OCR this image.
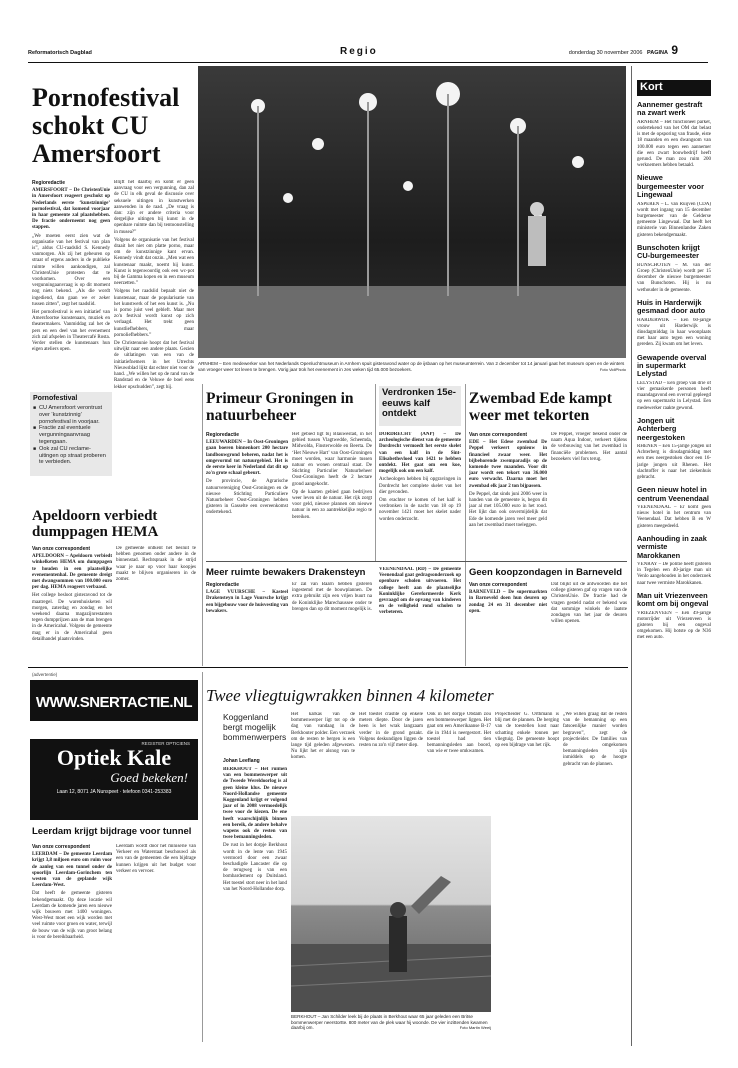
Reformatorisch Dagblad	Regio	donderdag 30 november 2006 PAGINA 9
Pornofestival schokt CU Amersfoort
Regioredactie

AMERSFOORT – De ChristenUnie in Amersfoort reageert geschokt op Nederlands eerste ‘kunstzinnige’ pornofestival, dat komend voorjaar in haar gemeente zal plaatshebben. De fractie onderneemt nog geen stappen.

„We moeten eerst zien wat de organisatie van het festival van plan is”, aldus CU-raadslid S. Kennedy vanmorgen. Als zij het gebeuren op straat of ergens anders in de publieke ruimte willen aankondigen, zal ChristenUnie protesten dat te voorkomen. Over een vergunningaanvraag is op dit moment nog niets bekend. „Als die wordt ingediend, dan gaan we er zeker tussen zitten”, zegt het raadslid.

Het pornofestival is een initiatief van Amersfoortse kunstenaars, muziek en theatermakers. Vanmiddag zal het de pers en een deel van het evenement zich zal afspelen in Theatercafé Rosta. Verder stellen de kunstenaars hun eigen ateliers open.

Blijft het daarbij en komt er geen aanvraag voor een vergunning, dan zal de CU in elk geval de discussie over seksuele uitingen in kunstwerken aanwenden in de raad. „De vraag is dan: zijn er andere criteria voor dergelijke uitingen bij kunst in de openbare ruimte dan bij tentoonstelling in musea?”

Volgens de organisatie van het festival draait het niet om platte porno, maar om de kunstzinnige kant ervan. Kennedy vindt dat onzin. „Men wat een kunstenaar maakt, noemt hij kunst. Kunst is tegenwoordig ook een wc-pot bij de Gamma kopen en in een museum neerzetten.”

Volgens het raadslid bepaalt niet de kunstenaar, maar de popularisatie van het kunstwerk of het een kunst is. „Nu is porno juist veel gebleft. Maar met zo'n festival wordt kunst op zich verlaagd. Het trekt geen kunstliefhebbers, maar pornoliefhebbers.”

De Christenunie hoopt dat het festival uitwijkt naar een andere plaats. Gezien de uitlatingen van een van de initiatiefnemers in het Utrechts Nieuwsblad lijkt dat echter niet voor de hand. „We willen het op de rand van de Randstad en de Veluwe de boel eens lekker opschudden”, zegt hij.

Pornofestival
■ CU Amersfoort verontrust over ‘kunstzinnig’ pornofestival in voorjaar.
■ Fractie zal eventuele vergunningaanvraag tegengaan.
■ Ook zal CU reclame-uitingen op straat proberen te verbieden.
ARNHEM – Een medewerker van het Nederlands Openluchtmuseum in Arnhem spuit gisteravond water op de ijsbaan op het museumterrein. Van 2 december tot 14 januari gaat het museum open en de winters van vroeger weer tot leven te brengen. Vorig jaar trok het evenement in zes weken tijd 65.000 bezoekers.	Foto VidiPhoto
Apeldoorn verbiedt dumppagen HEMA
Van onze correspondent

APELDOORN – Apeldoorn verbiedt winkelketen HEMA om dumppagen te houden in een plaatselijke evenementenhal. De gemeente dreigt met dwangsommen van 100.000 euro per dag. HEMA reageert verbaasd.

Het college besloot gisteravond tot de maatregel. De warenhuisketen wil morgen, zaterdag en zondag en het weekend daarna magazijnrestanten tegen dumpprijzen aan de man brengen in de Americahal. Volgens de gemeente mag er in de Americahal geen detailhandel plaatsvinden.

De gemeente ontkent het besluit te hebben genomen onder andere in de binnenstad. Rechtspraak in de strijd waar je naar op voor haar koopjes maakt te blijven organiseren in de zomer.

Primeur Groningen in natuurbeheer
Regioredactie

LEEUWARDEN – In Oost-Groningen gaan boeren binnenkort 200 hectare landbouwgrond beheren, nadat het is omgevormd tot natuurgebied. Het is de eerste keer in Nederland dat dit op zo'n grote schaal gebeurt.

De provincie, de Agrarische natuurvereniging Oost-Groningen en de nieuwe Stichting Particuliere Natuurbeheer Oost-Groningen hebben gisteren in Gasselte een overeenkomst ondertekend.

Het gebied ligt bij Blauwestad, in het gebied tussen Vlagtwedde, Scheemda, Midwolda, Finsterwolde en Beerta. De ‘Het Nieuwe Hart’ van Oost-Groningen moet worden, waar harmonie tussen natuur en wonen centraal staat. De Stichting Particulier Natuurbeheer Oost-Groningen heeft de 2 hectare grond aangekocht.

Op de kaarten gebied gaan bedrijven weer leven uit de natuur. Het rijk zorgt voor geld, nieuwe plannen om nieuwe natuur in een zo aantrekkelijke regio te bereiken.

Verdronken 15e-eeuws kalf ontdekt

DORDRECHT (ANP) – De archeologische dienst van de gemeente Dordrecht vermoedt het eerste skelet van een kalf in de Sint-Elisabethsvloed van 1421 te hebben ontdekt. Het gaat om een koe, mogelijk ook om een kalf.

Archeologen hebben bij opgravingen in Dordrecht het complete skelet van het dier gevonden.

Om erachter te komen of het kalf is verdronken in de nacht van 18 op 19 november 1421 moet het skelet nader worden onderzocht.

Zwembad Ede kampt weer met tekorten
Van onze correspondent

EDE – Het Edese zwembad De Peppel verkeert opnieuw in financieel zwaar weer. Het bijbehorende zwemparadijs op de komende twee maanden. Voor dit jaar wordt een tekort van 36.000 euro verwacht. Daarna moet het zwembad elk jaar 2 ton bijpassen.

De Peppel, dat sinds juni 2006 weer in handen van de gemeente is, begon dit jaar al met 105.000 euro in het rood. Het lijkt dan ook onvermijdelijk dat Ede de komende jaren veel meer geld aan het zwembad moet toeleggen.

De Peppel, vroeger bekend onder de naam Aqua Indoor, verkeert tijdens de verbouwing van het zwembad in financiële problemen. Het aantal bezoekers viel fors terug.

Meer ruimte bewakers Drakensteyn
Regioredactie

LAGE VUURSCHE – Kasteel Drakensteyn in Lage Vuursche krijgt een bijgebouw voor de huisvesting van bewakers.

Er zal van Baarn hebben gisteren ingestemd met de bouwplannen. De extra gebruikt zijn een vrijen buurt na de Koninklijke Marechaussee onder te brengen dan op dit moment mogelijk is.

VEENENDAAL (RD) – De gemeente Veenendaal gaat gedragsonderzoek op openbare scholen uitvoeren. Het college heeft aan de plaatselijke Koninklijke Gereformeerde Kerk gevraagd om de opvang van kinderen en de veiligheid rond scholen te verbeteren.

Geen koopzondagen in Barneveld
Van onze correspondent

BARNEVELD – De supermarkten in Barneveld doen hun deuren op zondag 24 en 31 december niet open.

Dat blijkt uit de antwoorden die het college gisteren gaf op vragen van de ChristenUnie. De fractie had de vragen gesteld nadat er bekend was dat sommige winkels de laatste zondagen van het jaar de deuren willen openen.

(advertentie)
WWW.SNERTACTIE.NL
REGISTER OPTICIENS
Optiek Kale
Goed bekeken!
Laan 12, 8071 JA Nunspeet · telefoon 0341-253383
Leerdam krijgt bijdrage voor tunnel
Van onze correspondent

LEERDAM – De gemeente Leerdam krijgt 3,8 miljoen euro om ruim voor de aanleg van een tunnel onder de spoorlijn Leerdam-Gorinchem ten westen van de geplande wijk Leerdam-West.

Dat heeft de gemeente gisteren bekendgemaakt. Op deze locatie wil Leerdam de komende jaren een nieuwe wijk bouwen met 1400 woningen. West-West moet een wijk worden met veel ruimte voor groen en water, terwijl de bouw van de wijk van groot belang is voor de bereikbaarheid.

Leerdam wordt door het miniserie van Verkeer en Waterstaat beschouwd als een van de gemeenten die een bijdrage kunnen krijgen uit het budget voor verkeer en vervoer.

Twee vliegtuigwrakken binnen 4 kilometer
Koggenland bergt mogelijk bommenwerpers
Johan Leeflang

BERKHOUT – Het ruimen van een bommenwerper uit de Tweede Wereldoorlog is al geen kleine klus. De nieuwe Noord-Hollandse gemeente Koggenland krijgt er volgend jaar of in 2008 vermoedelijk twee voor de kiezen. De ene heeft waarschijnlijk binnen een bereik, de andere behalve wapens ook de resten van twee bemanningsleden.

De rust in het dorpje Berkhout wordt in de lente van 1945 verstoord door een zwaar beschadigde Lancaster die op de terugweg is van een bombardement op Duitsland. Het toestel stort neer in het land van het Noord-Hollandse dorp.

Het karkas van de bommenwerper ligt tot op de dag van vandaag in de Berkhouter polder. Een verzoek om de resten te bergen is een lange tijd geleden afgewezen. Nu lijkt het er alsnog van te komen.

Het toestel crashte op enkele meters diepte. Door de jaren heen is het wrak langzaam verder in de grond gezakt. Volgens deskundigen liggen de resten nu zo'n vijf meter diep.

Ook in het dorpje Obdam zou een bommenwerper liggen. Het gaat om een Amerikaanse B-17 die in 1944 is neergestort. Het toestel had tien bemanningsleden aan boord, van wie er twee omkwamen.

Projectleider G. Orthmann is blij met de plannen. De berging van de toestellen kost naar schatting enkele tonnen per vliegtuig. De gemeente hoopt op een bijdrage van het rijk.

„We willen graag dat de resten van de bemanning op een fatsoenlijke manier worden begraven”, zegt de projectleider. De families van de omgekomen bemanningsleden zijn inmiddels op de hoogte gebracht van de plannen.

BERKHOUT – Jan Schilder leek bij de plaats in Berkhout waar 65 jaar geleden een Britse bommenwerper neerstortte. 800 meter van de plek waar hij woonde. De vier inzittenden kwamen daarbij om.	Foto Martin Weeij
Kort
Aannemer gestraft na zwart werk
ARNHEM – Het functioneel parket, ondertekend van het OM dat belast is met de opsporing van fraude, eiste 18 maanden en een dwangsom van 100.000 euro tegen een aannemer die een zwart bouwbedrijf heeft gerund. De man zou ruim 200 werknemers hebben betaald.
Nieuwe burgemeester voor Lingewaal
ASPEREN – L. van Ruijven (CDA) wordt met ingang van 15 december burgemeester van de Gelderse gemeente Lingewaal. Dat heeft het ministerie van Binnenlandse Zaken gisteren bekendgemaakt.
Bunschoten krijgt CU-burgemeester
BUNSCHOTEN – M. van der Groep (ChristenUnie) wordt per 15 december de nieuwe burgemeester van Bunschoten. Hij is nu wethouder in de gemeente.
Huis in Harderwijk gesmaad door auto
HARDERWIJK – Een 60-jarige vrouw uit Harderwijk is dinsdagmiddag in haar woonplaats met haar auto tegen een woning gereden. Zij kwam om het leven.
Gewapende overval in supermarkt Lelystad
LELYSTAD – Een groep van drie of vier gemaskerde personen heeft maandagavond een overval gepleegd op een supermarkt in Lelystad. Een medewerker raakte gewond.
Jongen uit Achterberg neergestoken
RHENEN – Een 15-jarige jongen uit Achterberg is dinsdagmiddag met een mes neergestoken door een 16-jarige jongen uit Rhenen. Het slachtoffer is naar het ziekenhuis gebracht.
Geen nieuw hotel in centrum Veenendaal
VEENENDAAL – Er komt geen nieuw hotel in het centrum van Veenendaal. Dat hebben B en W gisteren meegedeeld.
Aanhouding in zaak vermiste Marokkanen
VENRAY – De politie heeft gisteren in Tegelen een 40-jarige man uit Venlo aangehouden in het onderzoek naar twee vermiste Marokkanen.
Man uit Vriezenveen komt om bij ongeval
VRIEZENVEEN – Een 49-jarige motorrijder uit Vriezenveen is gisteren bij een ongeval omgekomen. Hij botste op de N36 met een auto.
